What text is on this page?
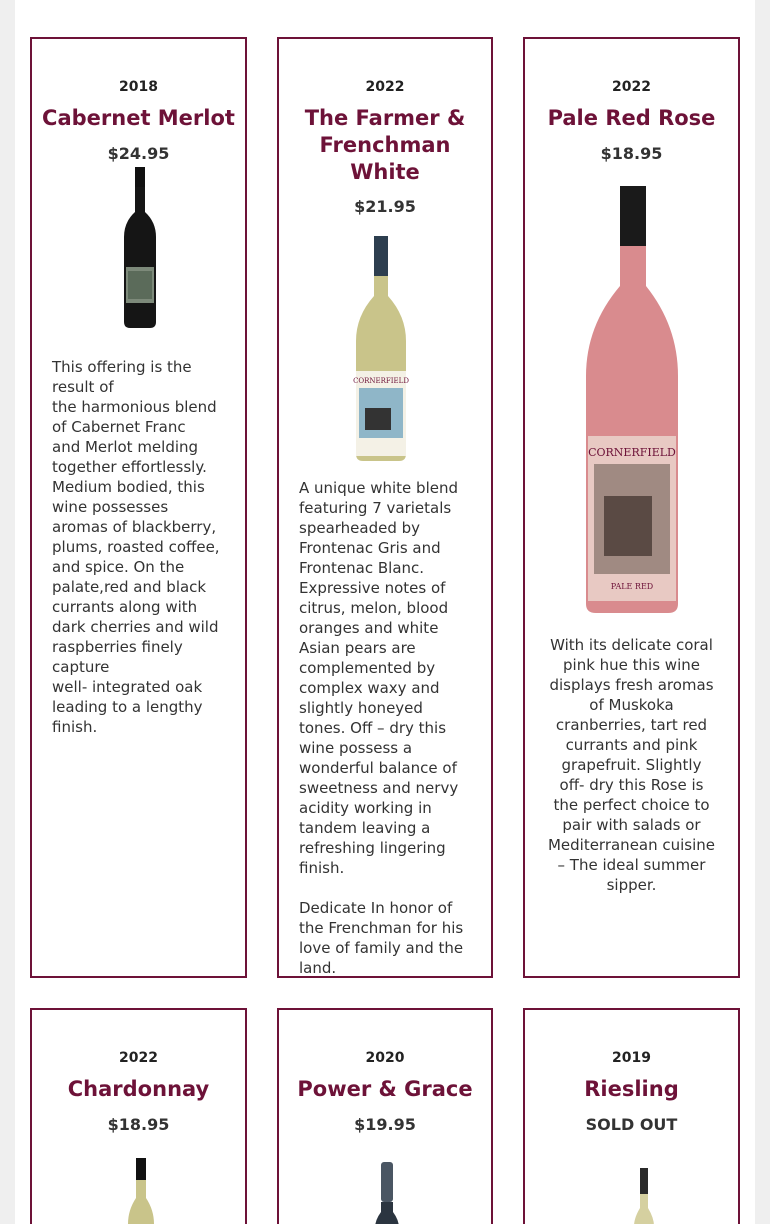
2018
Cabernet Merlot
$24.95
This offering is the result of
the harmonious blend of Cabernet Franc
and Merlot melding together effortlessly. Medium bodied, this wine possesses aromas of blackberry, plums, roasted coffee, and spice. On the palate,red and black currants along with dark cherries and wild raspberries finely capture
well- integrated oak leading to a lengthy finish.
2022
The Farmer & Frenchman White
$21.95
CORNERFIELD
A unique white blend featuring 7 varietals spearheaded by Frontenac Gris and Frontenac Blanc. Expressive notes of citrus, melon, blood oranges and white Asian pears are complemented by complex waxy and slightly honeyed tones. Off – dry this wine possess a wonderful balance of sweetness and nervy acidity working in tandem leaving a refreshing lingering finish.

Dedicate In honor of the Frenchman for his love of family and the land.
2022
Pale Red Rose
$18.95
CORNERFIELD
PALE RED
With its delicate coral pink hue this wine displays fresh aromas of Muskoka cranberries, tart red currants and pink grapefruit. Slightly off- dry this Rose is the perfect choice to pair with salads or Mediterranean cuisine – The ideal summer sipper.
2022
Chardonnay
$18.95
2020
Power & Grace
$19.95
2019
Riesling
SOLD OUT
